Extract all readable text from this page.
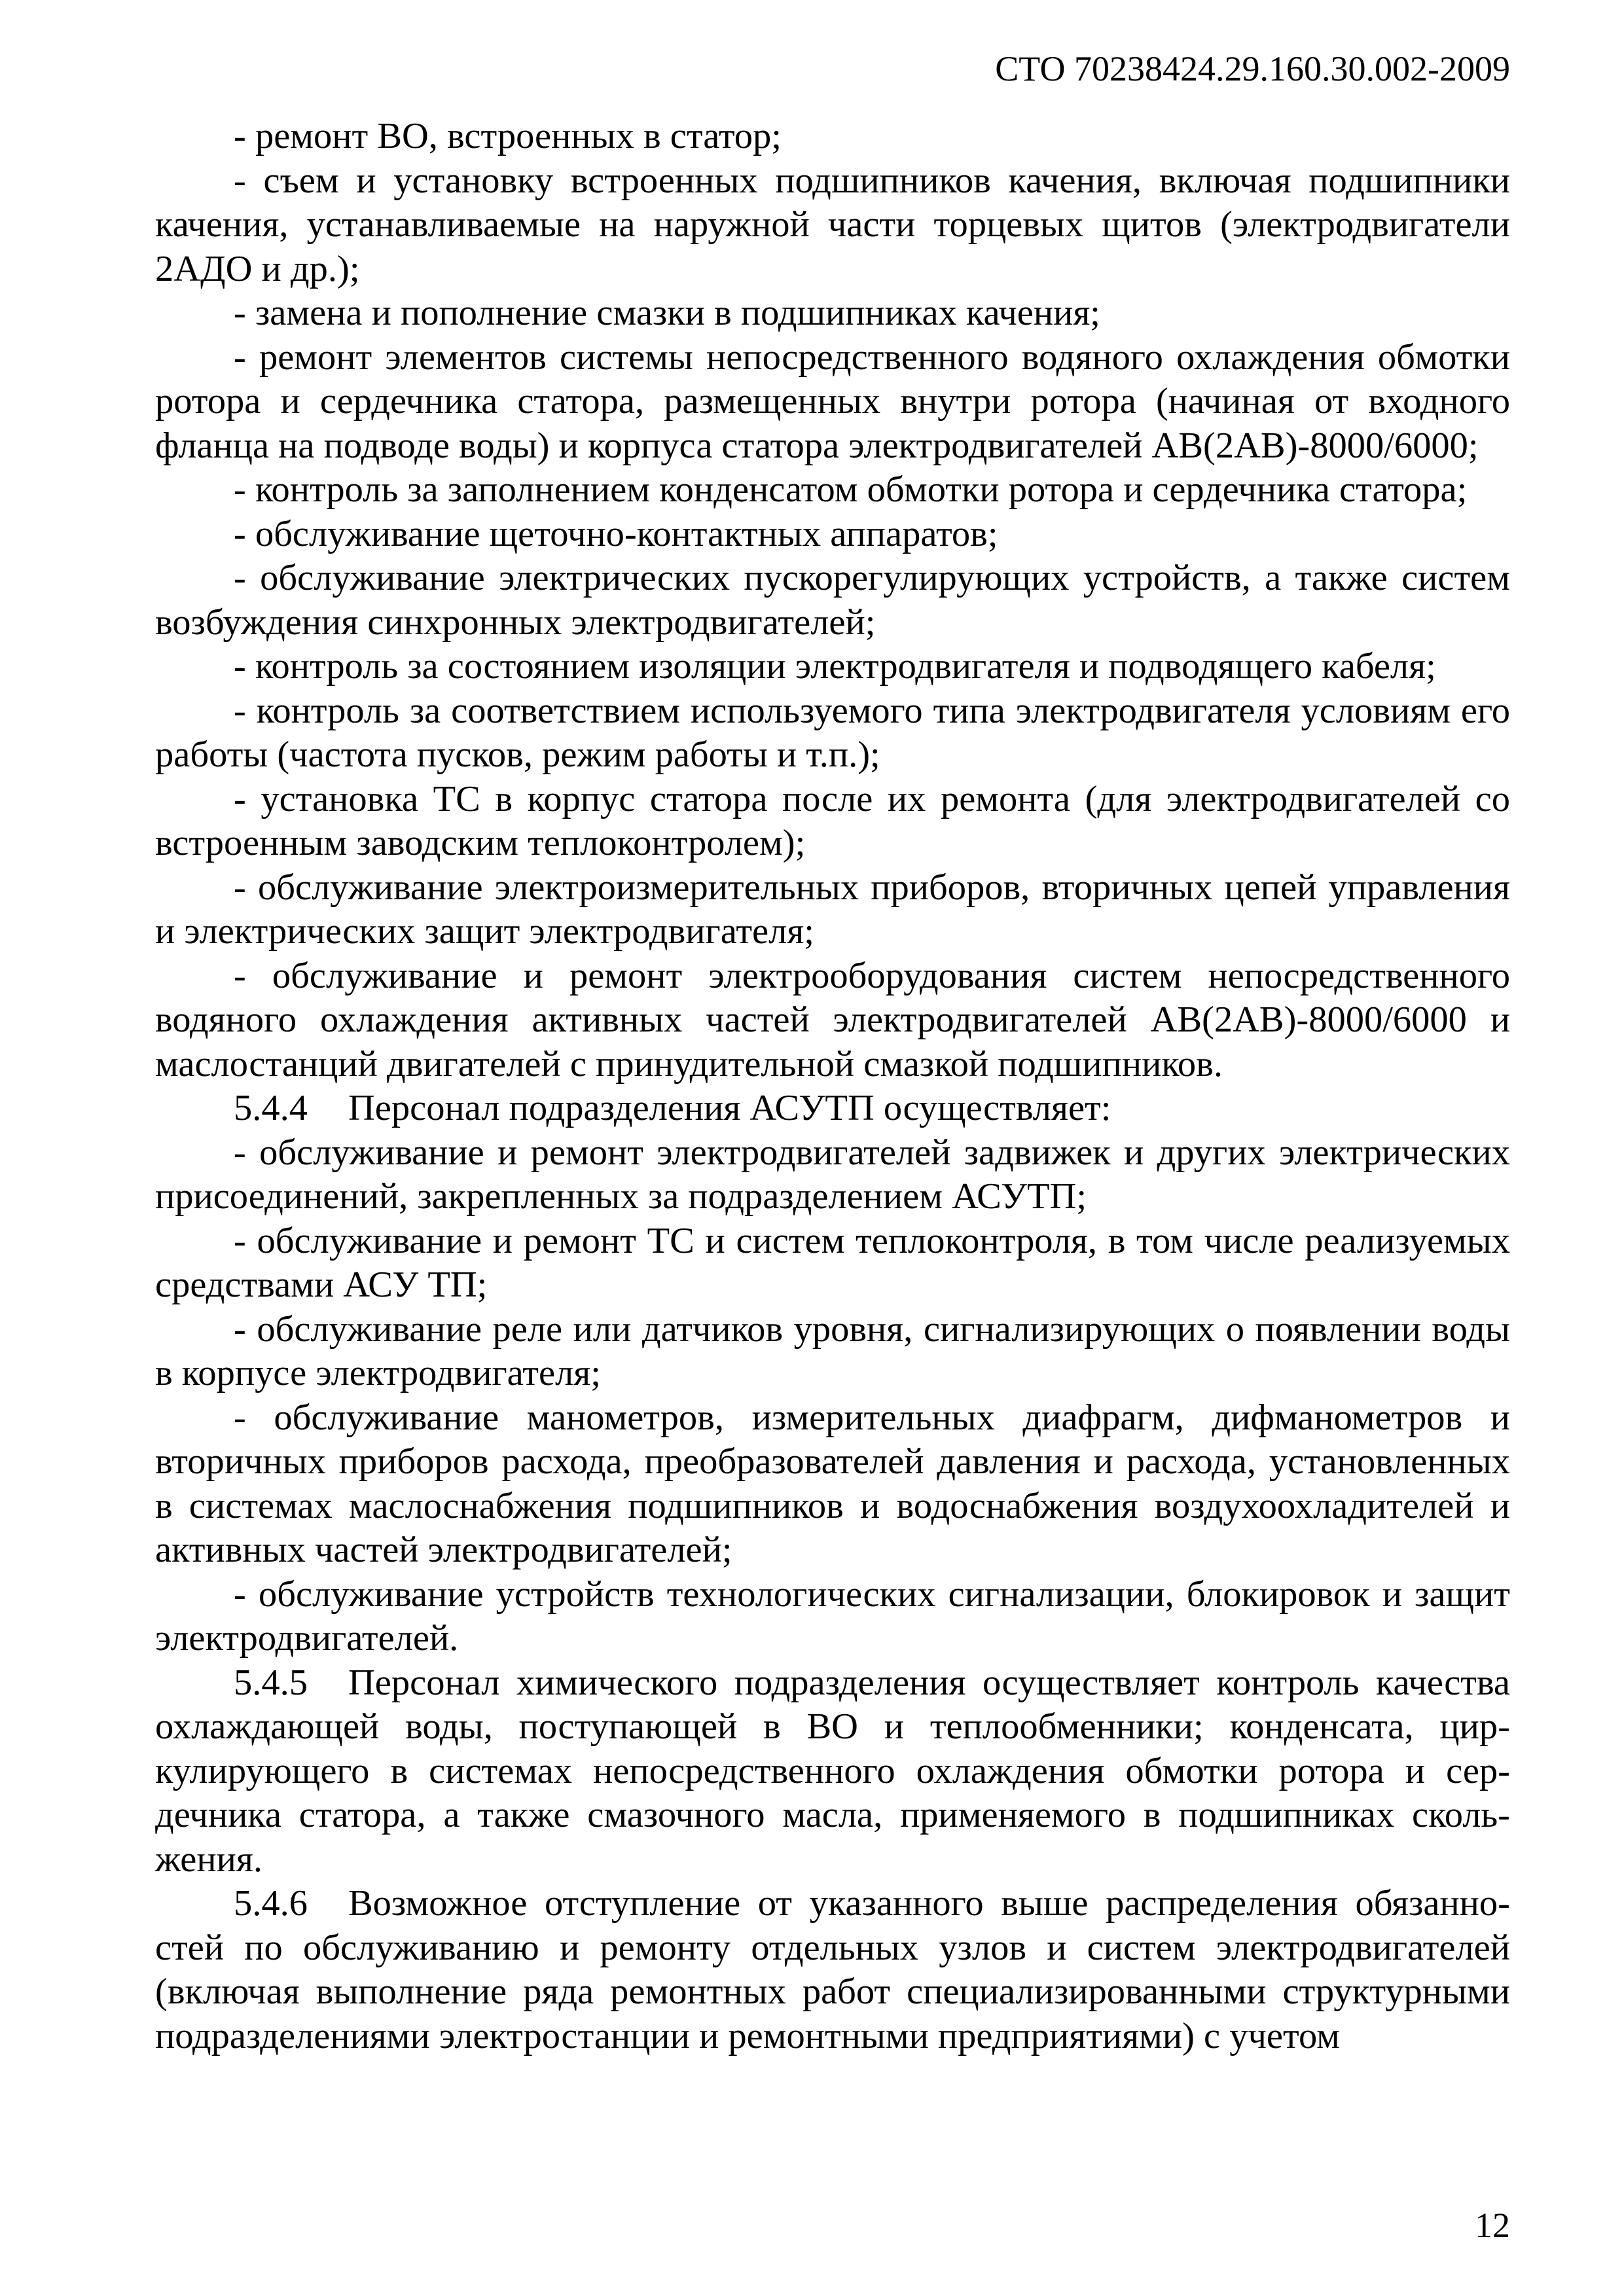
СТО 70238424.29.160.30.002-2009

- ремонт ВО, встроенных в статор;

- съем и установку встроенных подшипников качения, включая подшипники качения, устанавливаемые на наружной части торцевых щитов (электродвигатели 2АДО и др.);

- замена и пополнение смазки в подшипниках качения;

- ремонт элементов системы непосредственного водяного охлаждения обмотки ротора и сердечника статора, размещенных внутри ротора (начиная от входного фланца на подводе воды) и корпуса статора электродвигателей АВ(2АВ)-8000/6000;

- контроль за заполнением конденсатом обмотки ротора и сердечника статора;

- обслуживание щеточно-контактных аппаратов;

- обслуживание электрических пускорегулирующих устройств, а также систем возбуждения синхронных электродвигателей;

- контроль за состоянием изоляции электродвигателя и подводящего кабеля;

- контроль за соответствием используемого типа электродвигателя условиям его работы (частота пусков, режим работы и т.п.);

- установка ТС в корпус статора после их ремонта (для электродвигателей со встроенным заводским теплоконтролем);

- обслуживание электроизмерительных приборов, вторичных цепей управления и электрических защит электродвигателя;

- обслуживание и ремонт электрооборудования систем непосредственного водяного охлаждения активных частей электродвигателей АВ(2АВ)-8000/6000 и маслостанций двигателей с принудительной смазкой подшипников.

5.4.4 Персонал подразделения АСУТП осуществляет:

- обслуживание и ремонт электродвигателей задвижек и других электрических присоединений, закрепленных за подразделением АСУТП;

- обслуживание и ремонт ТС и систем теплоконтроля, в том числе реализуемых средствами АСУ ТП;

- обслуживание реле или датчиков уровня, сигнализирующих о появлении воды в корпусе электродвигателя;

- обслуживание манометров, измерительных диафрагм, дифманометров и вторичных приборов расхода, преобразователей давления и расхода, установленных в системах маслоснабжения подшипников и водоснабжения воздухоохладителей и активных частей электродвигателей;

- обслуживание устройств технологических сигнализации, блокировок и защит электродвигателей.

5.4.5 Персонал химического подразделения осуществляет контроль качества охлаждающей воды, поступающей в ВО и теплообменники; конденсата, циркулирующего в системах непосредственного охлаждения обмотки ротора и сердечника статора, а также смазочного масла, применяемого в подшипниках скольжения.

5.4.6 Возможное отступление от указанного выше распределения обязанностей по обслуживанию и ремонту отдельных узлов и систем электродвигателей (включая выполнение ряда ремонтных работ специализированными структурными подразделениями электростанции и ремонтными предприятиями) с учетом

12
